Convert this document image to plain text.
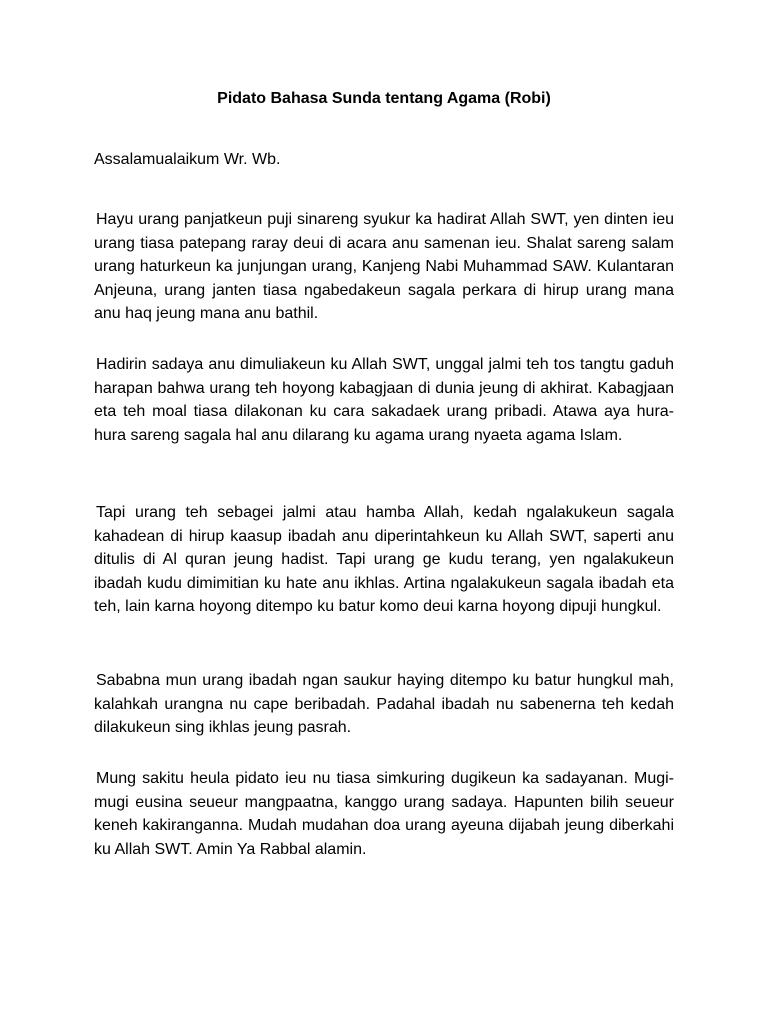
Pidato Bahasa Sunda tentang Agama (Robi)

Assalamualaikum Wr. Wb.

Hayu urang panjatkeun puji sinareng syukur ka hadirat Allah SWT, yen dinten ieu urang tiasa patepang raray deui di acara anu samenan ieu. Shalat sareng salam urang haturkeun ka junjungan urang, Kanjeng Nabi Muhammad SAW. Kulantaran Anjeuna, urang janten tiasa ngabedakeun sagala perkara di hirup urang mana anu haq jeung mana anu bathil.

Hadirin sadaya anu dimuliakeun ku Allah SWT, unggal jalmi teh tos tangtu gaduh harapan bahwa urang teh hoyong kabagjaan di dunia jeung di akhirat. Kabagjaan eta teh moal tiasa dilakonan ku cara sakadaek urang pribadi. Atawa aya hura-hura sareng sagala hal anu dilarang ku agama urang nyaeta agama Islam.

Tapi urang teh sebagei jalmi atau hamba Allah, kedah ngalakukeun sagala kahadean di hirup kaasup ibadah anu diperintahkeun ku Allah SWT, saperti anu ditulis di Al quran jeung hadist. Tapi urang ge kudu terang, yen ngalakukeun ibadah kudu dimimitian ku hate anu ikhlas. Artina ngalakukeun sagala ibadah eta teh, lain karna hoyong ditempo ku batur komo deui karna hoyong dipuji hungkul.

Sababna mun urang ibadah ngan saukur haying ditempo ku batur hungkul mah, kalahkah urangna nu cape beribadah. Padahal ibadah nu sabenerna teh kedah dilakukeun sing ikhlas jeung pasrah.

Mung sakitu heula pidato ieu nu tiasa simkuring dugikeun ka sadayanan. Mugi-mugi eusina seueur mangpaatna, kanggo urang sadaya. Hapunten bilih seueur keneh kakiranganna. Mudah mudahan doa urang ayeuna dijabah jeung diberkahi ku Allah SWT. Amin Ya Rabbal alamin.
